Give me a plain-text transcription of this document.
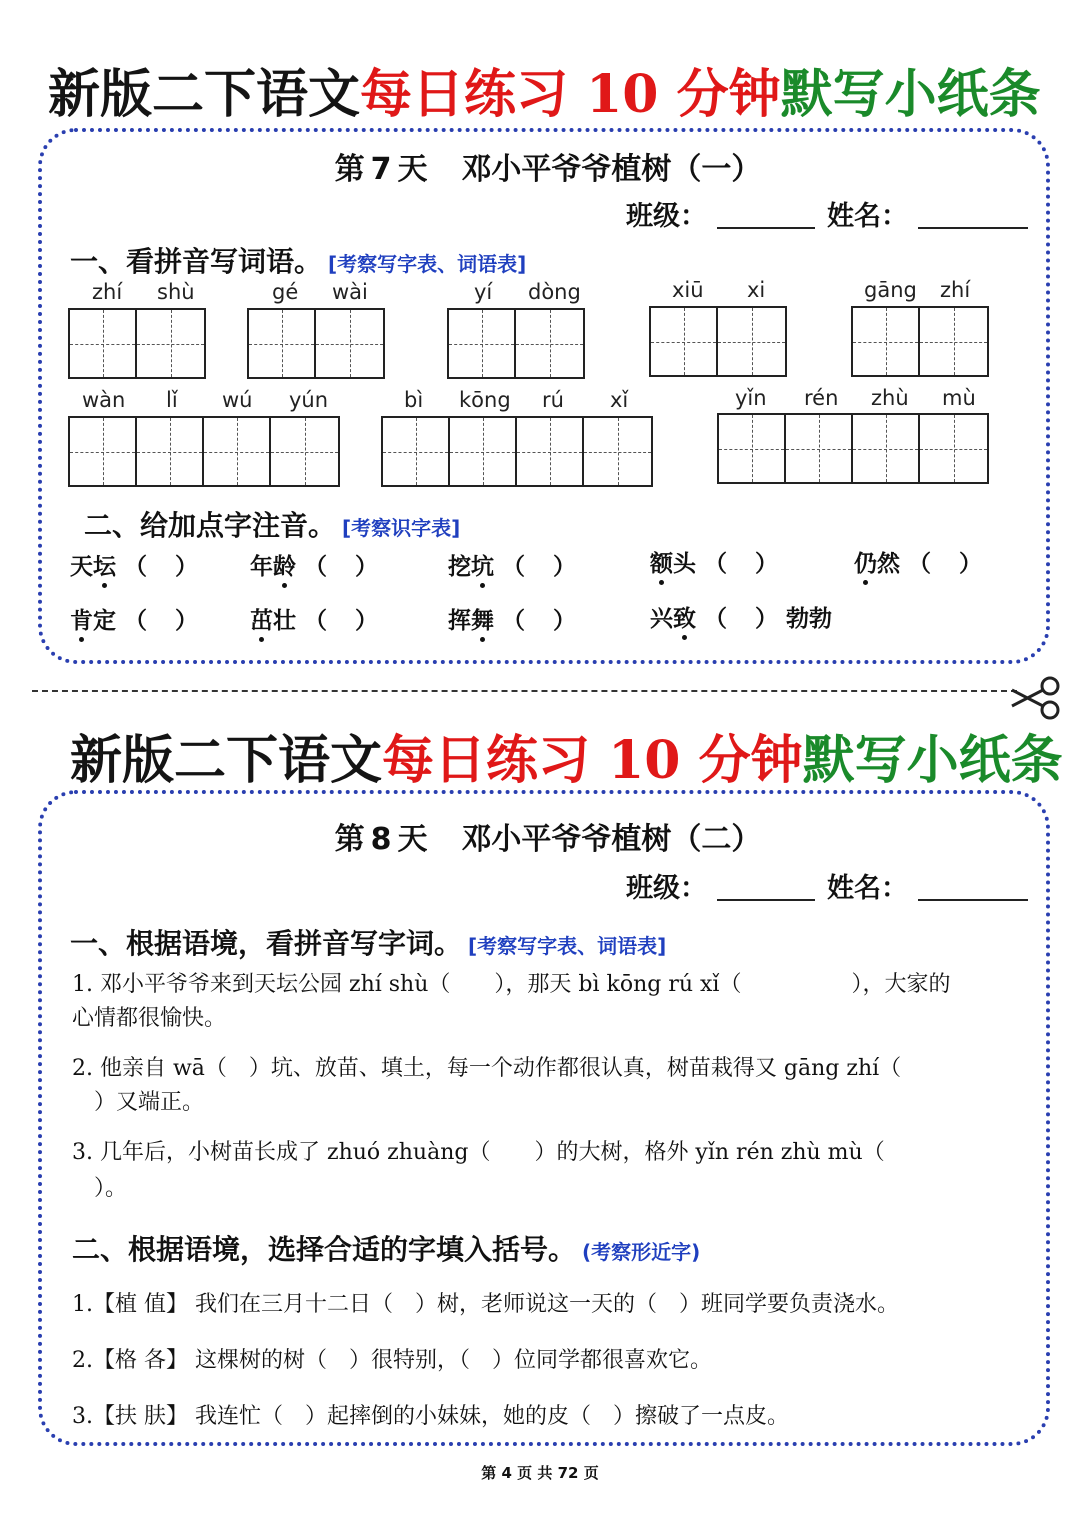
新版二下语文每日练习 10 分钟默写小纸条
第 7 天 邓小平爷爷植树（一）
班级：	姓名：
一、看拼音写词语。 [考察写字表、词语表]
zhí shù	gé wài	yí dòng	xiū xi	gāng zhí
wàn lǐ wú yún	bì kōng rú xǐ	yǐn rén zhù mù
二、给加点字注音。 [考察识字表]
天坛 （ ） 年龄 （ ）	挖坑 （ ）	额头 （ ）	仍然 （ ）
肯定 （ ） 茁壮 （ ）	挥舞 （ ）	兴致 （ ） 勃勃
新版二下语文每日练习 10 分钟默写小纸条
第 8 天 邓小平爷爷植树（二）
班级：	姓名：
一、根据语境，看拼音写字词。 [考察写字表、词语表]
1. 邓小平爷爷来到天坛公园 zhí shù（　　），那天 bì kōng rú xǐ（　　　　　），大家的
心情都很愉快。
2. 他亲自 wā（　）坑、放苗、填土，每一个动作都很认真，树苗栽得又 gāng zhí（
）又端正。
3. 几年后，小树苗长成了 zhuó zhuàng（　　）的大树，格外 yǐn rén zhù mù（
）。
二、根据语境，选择合适的字填入括号。 (考察形近字)
1.【植 值】 我们在三月十二日（　）树，老师说这一天的（　）班同学要负责浇水。
2.【格 各】 这棵树的树（　）很特别，（　）位同学都很喜欢它。
3.【扶 肤】 我连忙（　）起摔倒的小妹妹，她的皮（　）擦破了一点皮。
第 4 页 共 72 页
